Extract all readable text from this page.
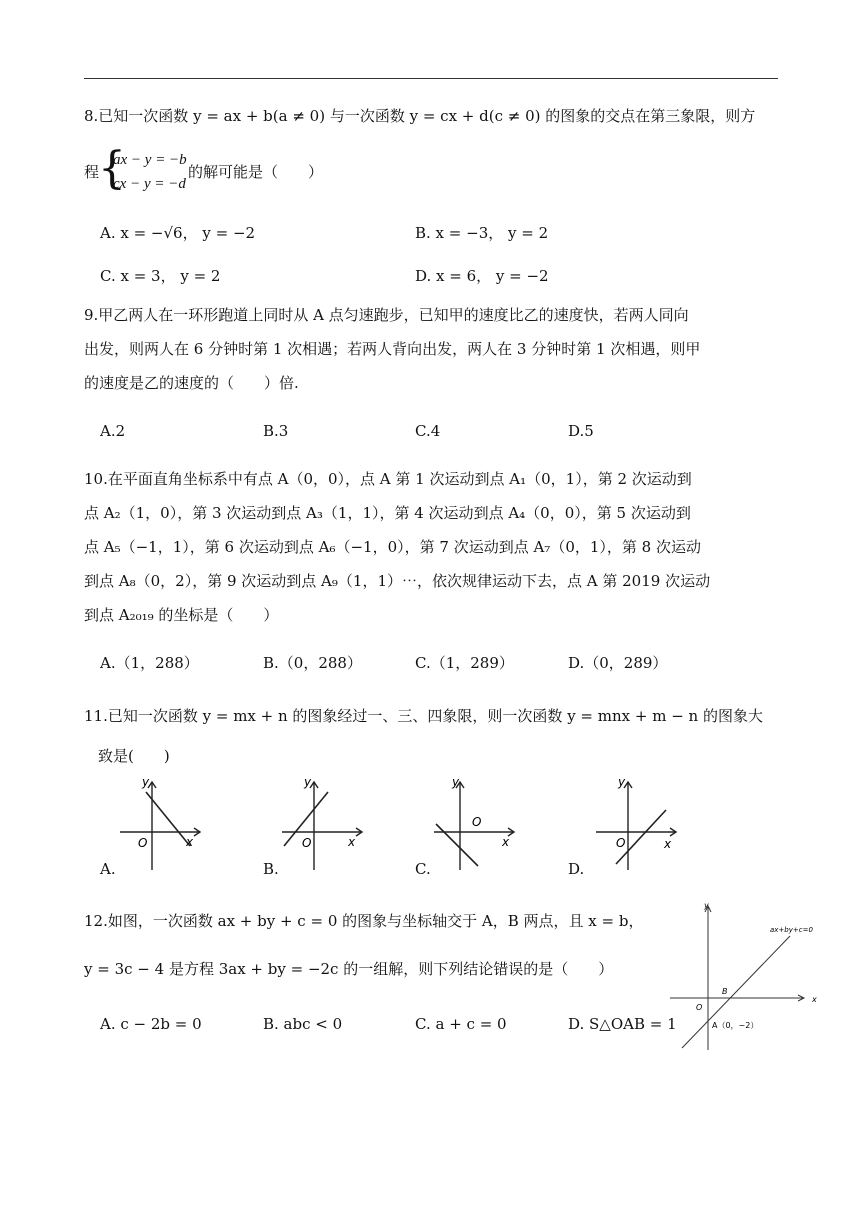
8.已知一次函数 y = ax + b(a ≠ 0) 与一次函数 y = cx + d(c ≠ 0) 的图象的交点在第三象限，则方
程
{
ax − y = −b
cx − y = −d
的解可能是（　　）
A. x = −√6， y = −2	B. x = −3， y = 2
C. x = 3， y = 2	D. x = 6， y = −2
9.甲乙两人在一环形跑道上同时从 A 点匀速跑步，已知甲的速度比乙的速度快，若两人同向
出发，则两人在 6 分钟时第 1 次相遇；若两人背向出发，两人在 3 分钟时第 1 次相遇，则甲
的速度是乙的速度的（　　）倍.
A.2	B.3	C.4	D.5
10.在平面直角坐标系中有点 A（0，0），点 A 第 1 次运动到点 A₁（0，1），第 2 次运动到
点 A₂（1，0），第 3 次运动到点 A₃（1，1），第 4 次运动到点 A₄（0，0），第 5 次运动到
点 A₅（−1，1），第 6 次运动到点 A₆（−1，0），第 7 次运动到点 A₇（0，1），第 8 次运动
到点 A₈（0，2），第 9 次运动到点 A₉（1，1）⋯，依次规律运动下去，点 A 第 2019 次运动
到点 A₂₀₁₉ 的坐标是（　　）
A.（1，288）	B.（0，288）	C.（1，289）	D.（0，289）
11.已知一次函数 y = mx + n 的图象经过一、三、四象限，则一次函数 y = mnx + m − n 的图象大
致是(　　)
y
O	x
A.
y
O	x
B.
y
O
x
C.
y
O	x
D.
12.如图，一次函数 ax + by + c = 0 的图象与坐标轴交于 A，B 两点，且 x = b，
y = 3c − 4 是方程 3ax + by = −2c 的一组解，则下列结论错误的是（　　）
A. c − 2b = 0	B. abc < 0	C. a + c = 0	D. S△OAB = 1
y
x
O
B
A（0，−2）
ax+by+c=0
